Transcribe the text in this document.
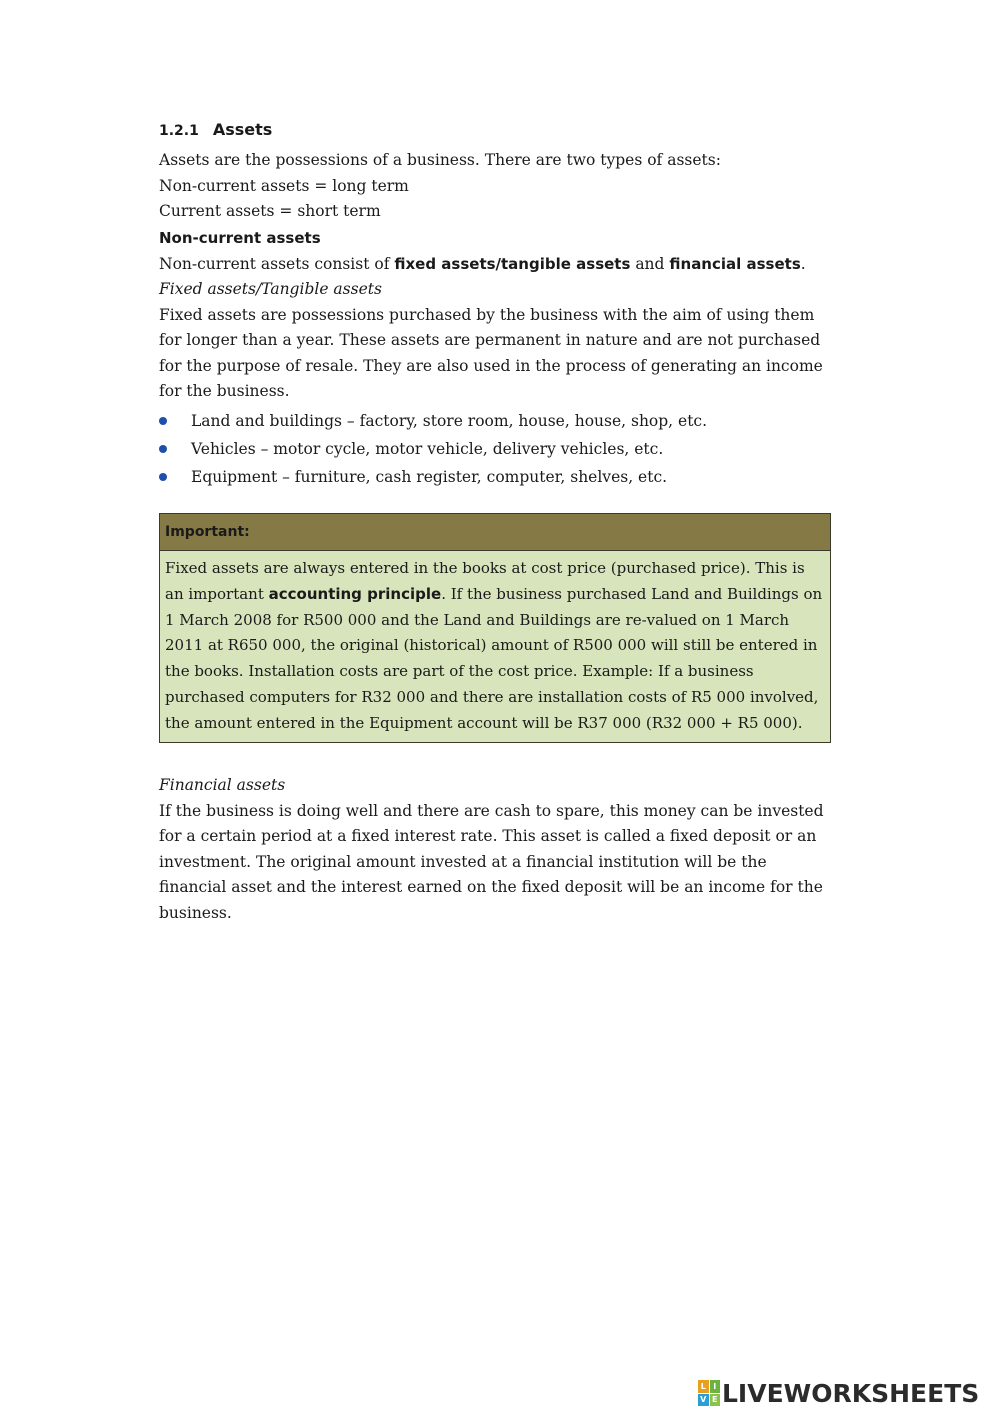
1.2.1 Assets

Assets are the possessions of a business. There are two types of assets:

Non-current assets = long term

Current assets = short term

Non-current assets

Non-current assets consist of fixed assets/tangible assets and financial assets.

Fixed assets/Tangible assets

Fixed assets are possessions purchased by the business with the aim of using them for longer than a year. These assets are permanent in nature and are not purchased for the purpose of resale. They are also used in the process of generating an income for the business.

Land and buildings – factory, store room, house, house, shop, etc.
Vehicles – motor cycle, motor vehicle, delivery vehicles, etc.
Equipment – furniture, cash register, computer, shelves, etc.
Important:
Fixed assets are always entered in the books at cost price (purchased price). This is an important accounting principle. If the business purchased Land and Buildings on 1 March 2008 for R500 000 and the Land and Buildings are re-valued on 1 March 2011 at R650 000, the original (historical) amount of R500 000 will still be entered in the books. Installation costs are part of the cost price. Example: If a business purchased computers for R32 000 and there are installation costs of R5 000 involved, the amount entered in the Equipment account will be R37 000 (R32 000 + R5 000).

Financial assets

If the business is doing well and there are cash to spare, this money can be invested for a certain period at a fixed interest rate. This asset is called a fixed deposit or an investment. The original amount invested at a financial institution will be the financial asset and the interest earned on the fixed deposit will be an income for the business.

L I
V E LIVEWORKSHEETS
